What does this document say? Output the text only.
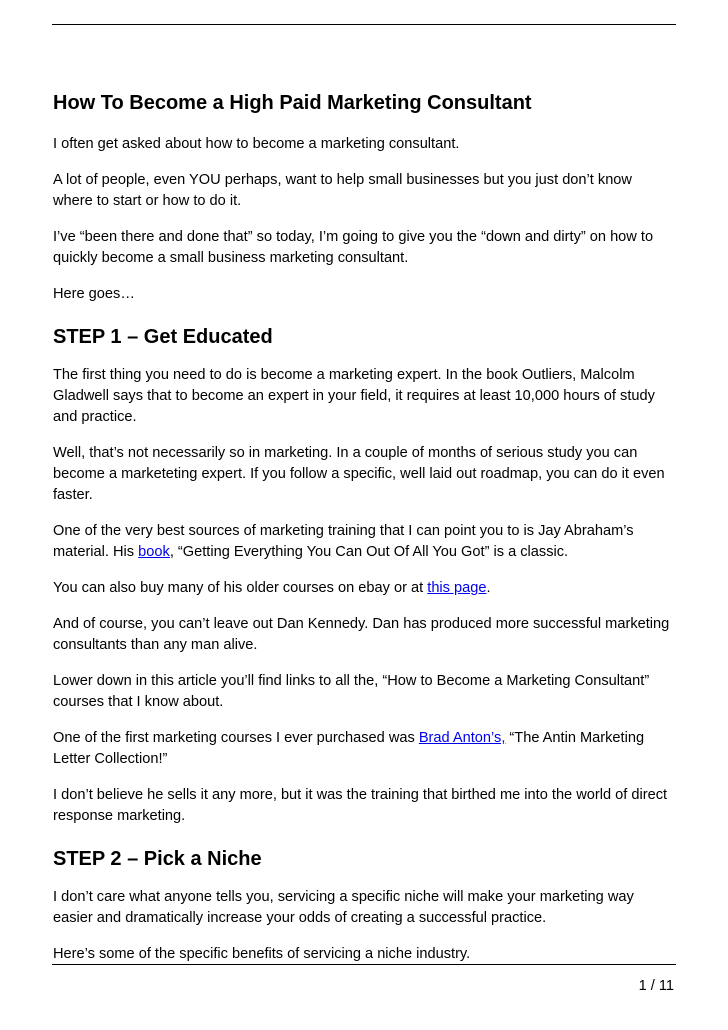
How To Become a High Paid Marketing Consultant

I often get asked about how to become a marketing consultant.

A lot of people, even YOU perhaps, want to help small businesses but you just don’t know where to start or how to do it.

I’ve “been there and done that” so today, I’m going to give you the “down and dirty” on how to quickly become a small business marketing consultant.

Here goes…

STEP 1 – Get Educated

The first thing you need to do is become a marketing expert. In the book Outliers, Malcolm Gladwell says that to become an expert in your field, it requires at least 10,000 hours of study and practice.

Well, that’s not necessarily so in marketing. In a couple of months of serious study you can become a marketeting expert. If you follow a specific, well laid out roadmap, you can do it even faster.

One of the very best sources of marketing training that I can point you to is Jay Abraham’s material. His book, “Getting Everything You Can Out Of All You Got” is a classic.

You can also buy many of his older courses on ebay or at this page.

And of course, you can’t leave out Dan Kennedy. Dan has produced more successful marketing consultants than any man alive.

Lower down in this article you’ll find links to all the, “How to Become a Marketing Consultant” courses that I know about.

One of the first marketing courses I ever purchased was Brad Anton’s, “The Antin Marketing Letter Collection!”

I don’t believe he sells it any more, but it was the training that birthed me into the world of direct response marketing.

STEP 2 – Pick a Niche

I don’t care what anyone tells you, servicing a specific niche will make your marketing way easier and dramatically increase your odds of creating a successful practice.

Here’s some of the specific benefits of servicing a niche industry.

1 / 11
